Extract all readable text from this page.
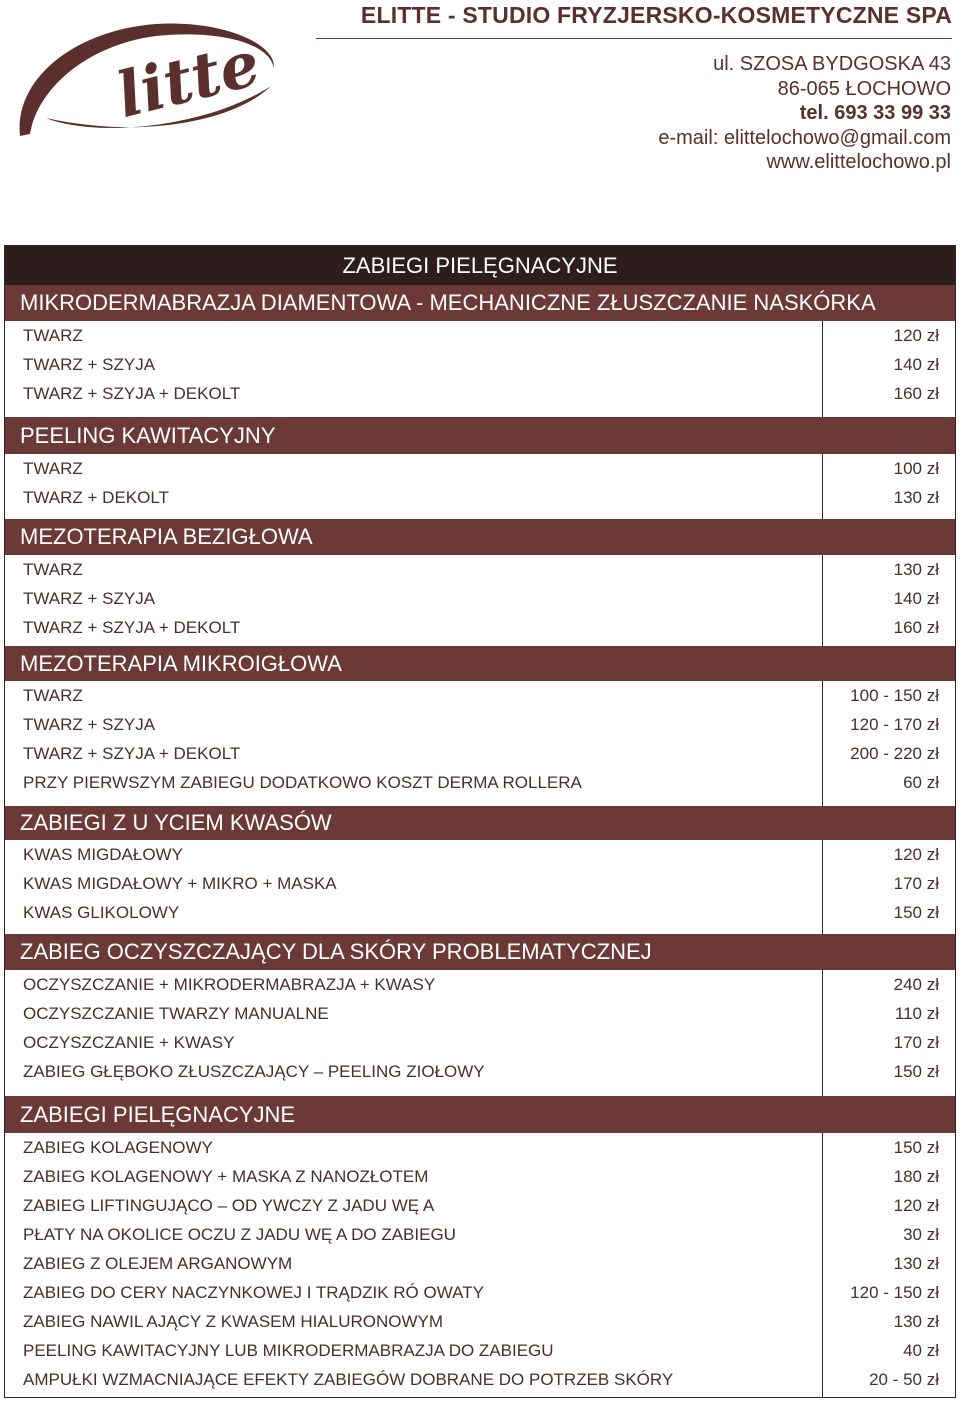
litte
ELITTE - STUDIO FRYZJERSKO-KOSMETYCZNE SPA
ul. SZOSA BYDGOSKA 43
86-065 ŁOCHOWO
tel. 693 33 99 33
e-mail: elittelochowo@gmail.com
www.elittelochowo.pl
ZABIEGI PIELĘGNACYJNE
MIKRODERMABRAZJA DIAMENTOWA - MECHANICZNE ZŁUSZCZANIE NASKÓRKA
TWARZ	120 zł
TWARZ + SZYJA	140 zł
TWARZ + SZYJA + DEKOLT	160 zł
PEELING KAWITACYJNY
TWARZ	100 zł
TWARZ + DEKOLT	130 zł
MEZOTERAPIA BEZIGŁOWA
TWARZ	130 zł
TWARZ + SZYJA	140 zł
TWARZ + SZYJA + DEKOLT	160 zł
MEZOTERAPIA MIKROIGŁOWA
TWARZ	100 - 150 zł
TWARZ + SZYJA	120 - 170 zł
TWARZ + SZYJA + DEKOLT	200 - 220 zł
PRZY PIERWSZYM ZABIEGU DODATKOWO KOSZT DERMA ROLLERA	60 zł
ZABIEGI Z U YCIEM KWASÓW
KWAS MIGDAŁOWY	120 zł
KWAS MIGDAŁOWY + MIKRO + MASKA	170 zł
KWAS GLIKOLOWY	150 zł
ZABIEG OCZYSZCZAJĄCY DLA SKÓRY PROBLEMATYCZNEJ
OCZYSZCZANIE + MIKRODERMABRAZJA + KWASY	240 zł
OCZYSZCZANIE TWARZY MANUALNE	110 zł
OCZYSZCZANIE + KWASY	170 zł
ZABIEG GŁĘBOKO ZŁUSZCZAJĄCY – PEELING ZIOŁOWY	150 zł
ZABIEGI PIELĘGNACYJNE
ZABIEG KOLAGENOWY	150 zł
ZABIEG KOLAGENOWY + MASKA Z NANOZŁOTEM	180 zł
ZABIEG LIFTINGUJĄCO – OD YWCZY Z JADU WĘ A	120 zł
PŁATY NA OKOLICE OCZU Z JADU WĘ A DO ZABIEGU	30 zł
ZABIEG Z OLEJEM ARGANOWYM	130 zł
ZABIEG DO CERY NACZYNKOWEJ I TRĄDZIK RÓ OWATY	120 - 150 zł
ZABIEG NAWIL AJĄCY Z KWASEM HIALURONOWYM	130 zł
PEELING KAWITACYJNY LUB MIKRODERMABRAZJA DO ZABIEGU	40 zł
AMPUŁKI WZMACNIAJĄCE EFEKTY ZABIEGÓW DOBRANE DO POTRZEB SKÓRY	20 - 50 zł
